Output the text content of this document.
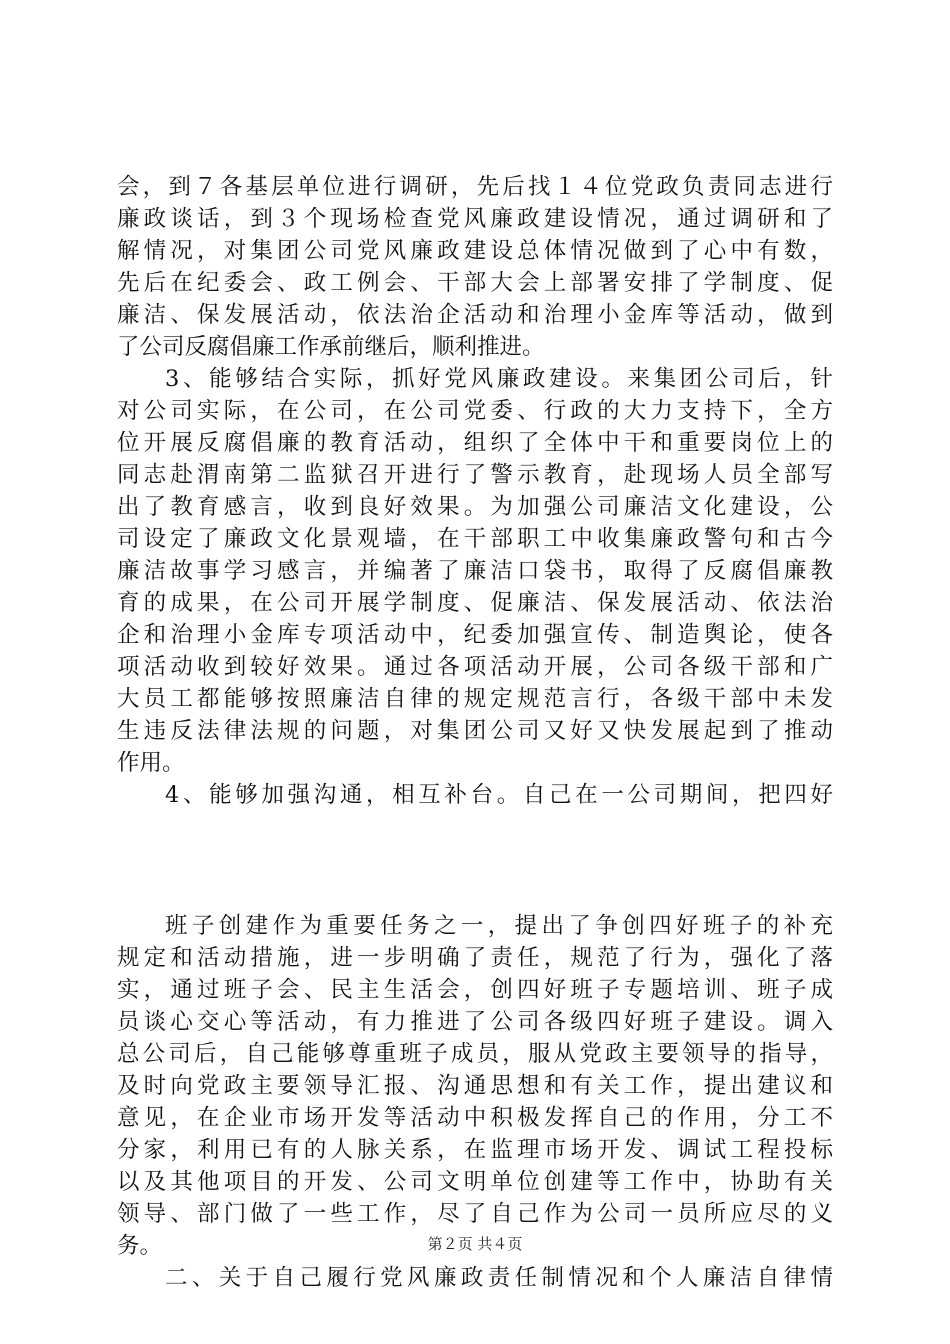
会，到７各基层单位进行调研，先后找１４位党政负责同志进行
廉政谈话，到３个现场检查党风廉政建设情况，通过调研和了
解情况，对集团公司党风廉政建设总体情况做到了心中有数，
先后在纪委会、政工例会、干部大会上部署安排了学制度、促
廉洁、保发展活动，依法治企活动和治理小金库等活动，做到
了公司反腐倡廉工作承前继后，顺利推进。
3、能够结合实际，抓好党风廉政建设。来集团公司后，针
对公司实际，在公司，在公司党委、行政的大力支持下，全方
位开展反腐倡廉的教育活动，组织了全体中干和重要岗位上的
同志赴渭南第二监狱召开进行了警示教育，赴现场人员全部写
出了教育感言，收到良好效果。为加强公司廉洁文化建设，公
司设定了廉政文化景观墙，在干部职工中收集廉政警句和古今
廉洁故事学习感言，并编著了廉洁口袋书，取得了反腐倡廉教
育的成果，在公司开展学制度、促廉洁、保发展活动、依法治
企和治理小金库专项活动中，纪委加强宣传、制造舆论，使各
项活动收到较好效果。通过各项活动开展，公司各级干部和广
大员工都能够按照廉洁自律的规定规范言行，各级干部中未发
生违反法律法规的问题，对集团公司又好又快发展起到了推动
作用。
4、能够加强沟通，相互补台。自己在一公司期间，把四好
班子创建作为重要任务之一，提出了争创四好班子的补充
规定和活动措施，进一步明确了责任，规范了行为，强化了落
实，通过班子会、民主生活会，创四好班子专题培训、班子成
员谈心交心等活动，有力推进了公司各级四好班子建设。调入
总公司后，自己能够尊重班子成员，服从党政主要领导的指导，
及时向党政主要领导汇报、沟通思想和有关工作，提出建议和
意见，在企业市场开发等活动中积极发挥自己的作用，分工不
分家，利用已有的人脉关系，在监理市场开发、调试工程投标
以及其他项目的开发、公司文明单位创建等工作中，协助有关
领导、部门做了一些工作，尽了自己作为公司一员所应尽的义
务。
二、关于自己履行党风廉政责任制情况和个人廉洁自律情
第２页 共４页
